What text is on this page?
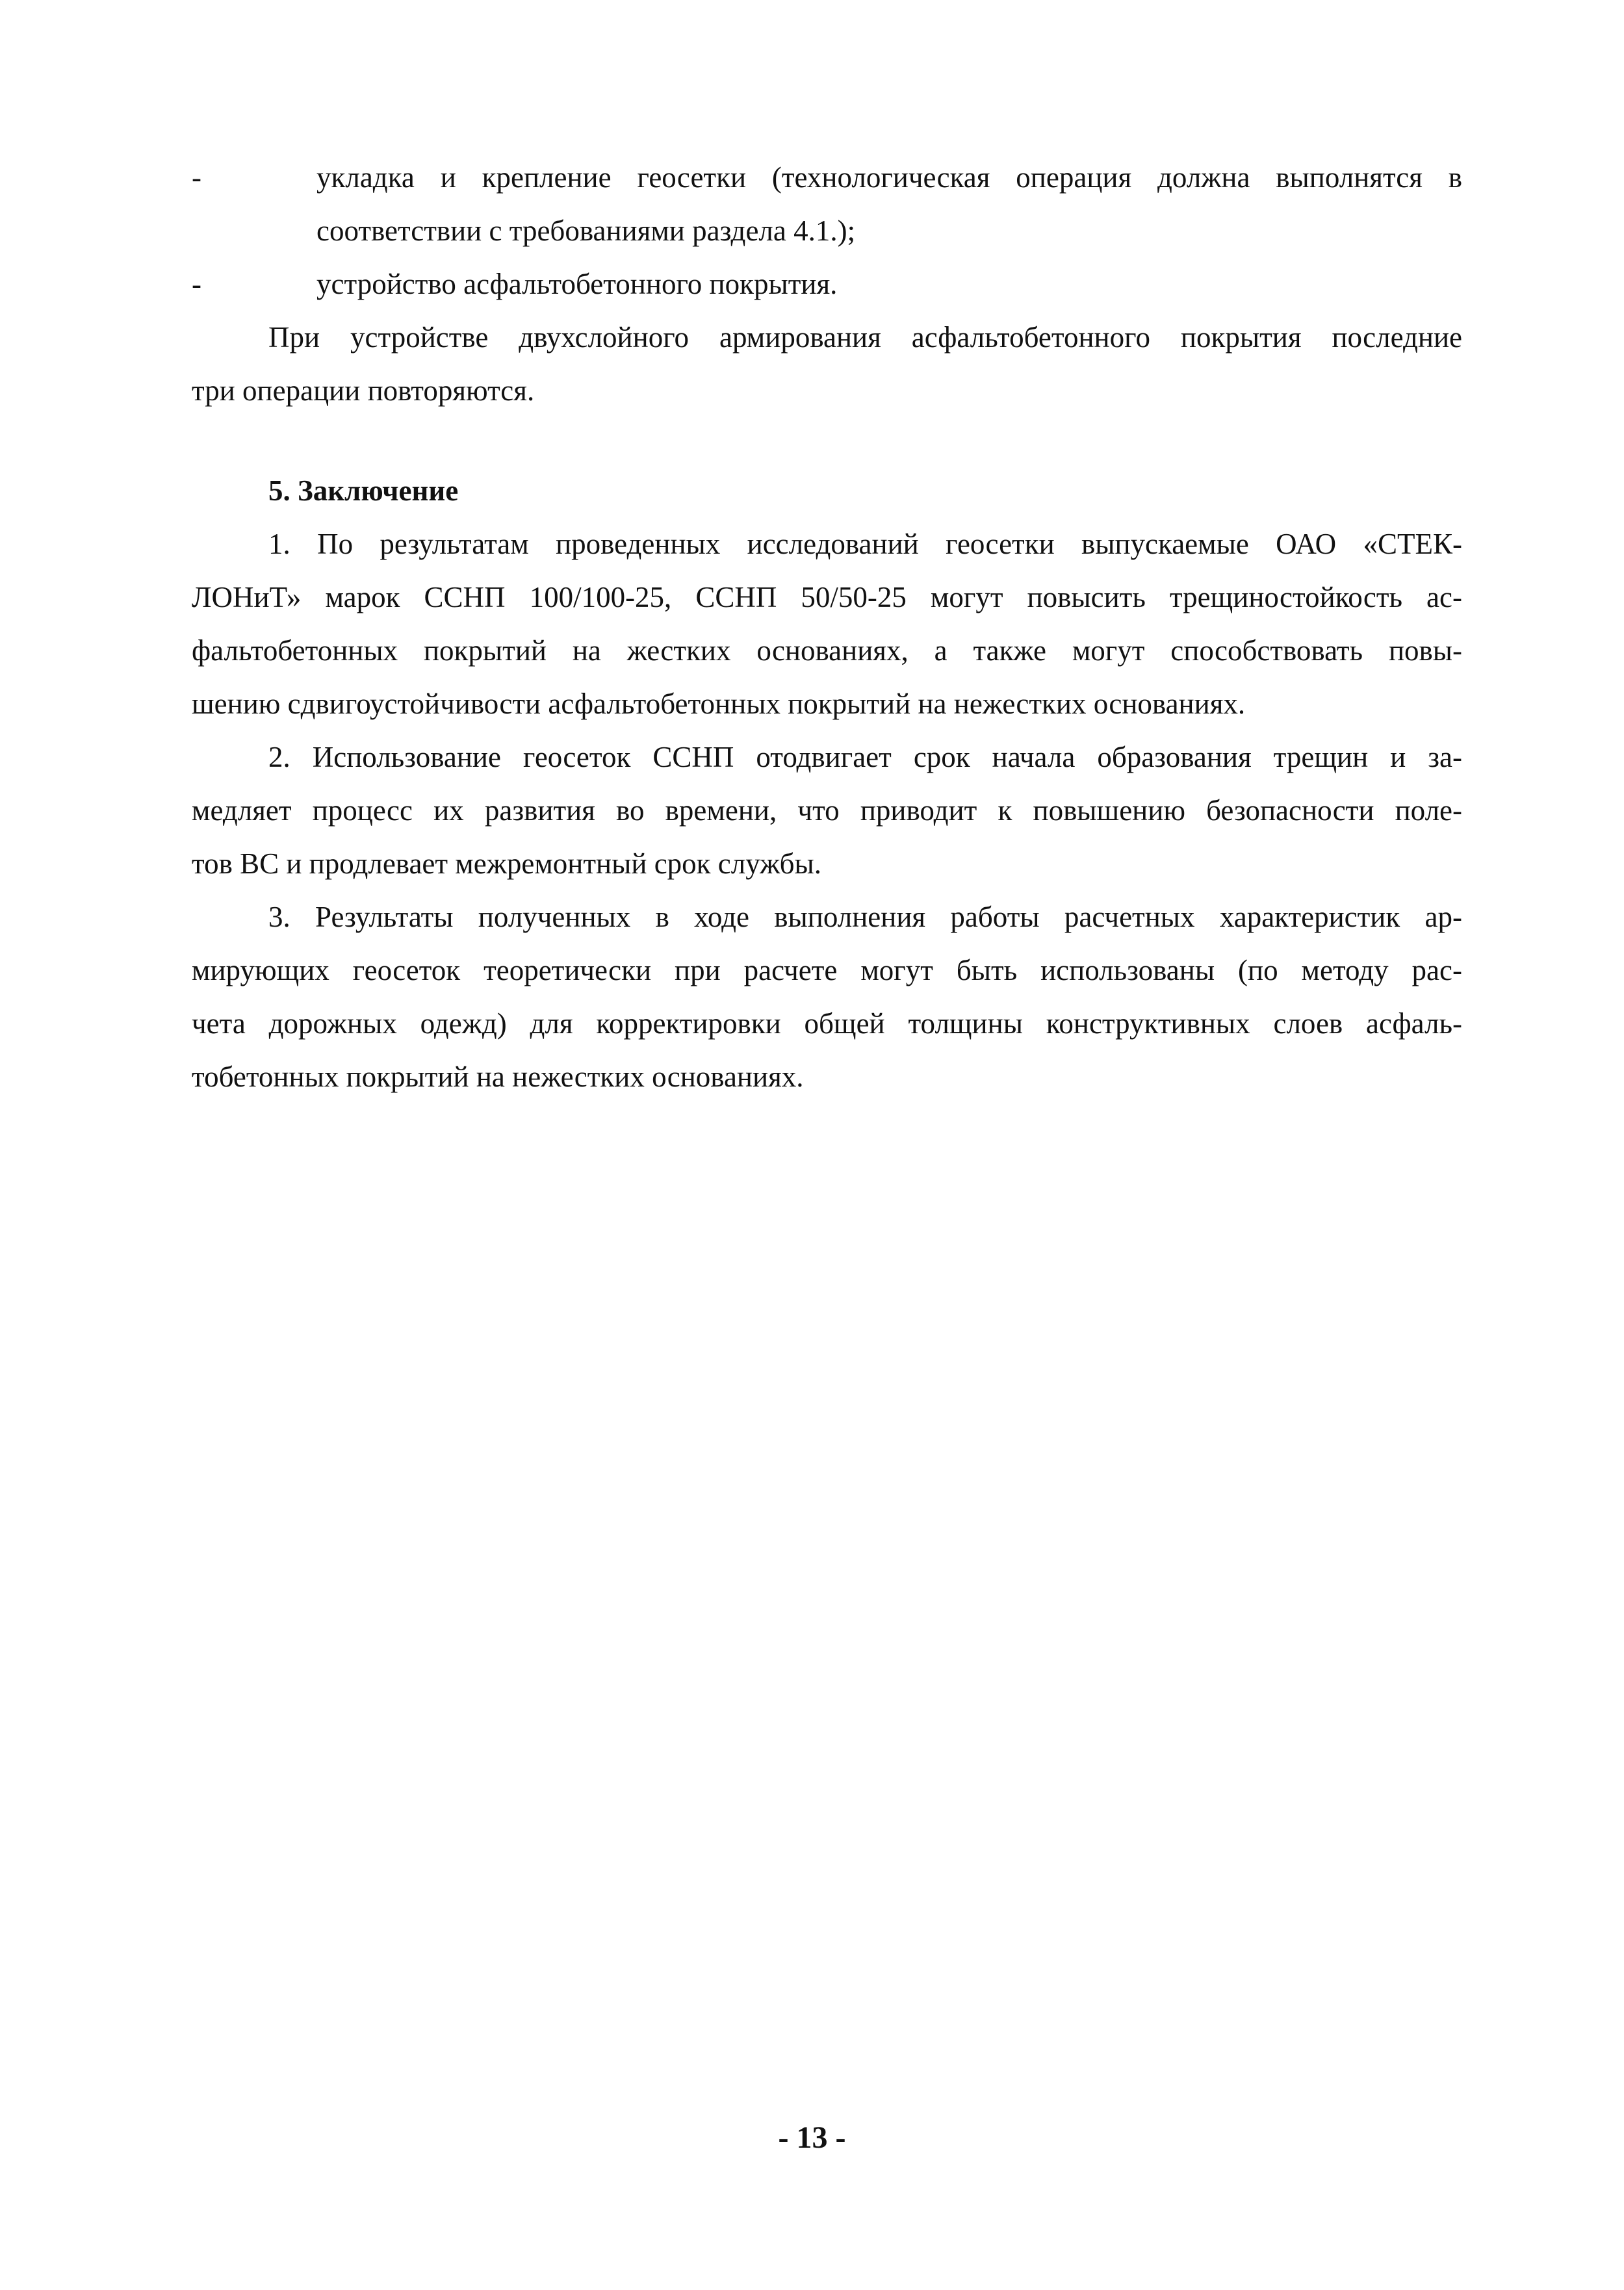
-	укладка и крепление геосетки (технологическая операция должна выполнятся в
соответствии с требованиями раздела 4.1.);
-	устройство асфальтобетонного покрытия.
При устройстве двухслойного армирования асфальтобетонного покрытия последние
три операции повторяются.
5. Заключение
1. По результатам проведенных исследований геосетки выпускаемые ОАО «СТЕК-
ЛОНиТ» марок ССНП 100/100-25, ССНП 50/50-25 могут повысить трещиностойкость ас-
фальтобетонных покрытий на жестких основаниях, а также могут способствовать повы-
шению сдвигоустойчивости асфальтобетонных покрытий на нежестких основаниях.
2. Использование геосеток ССНП отодвигает срок начала образования трещин и за-
медляет процесс их развития во времени, что приводит к повышению безопасности поле-
тов ВС и продлевает межремонтный срок службы.
3. Результаты полученных в ходе выполнения работы расчетных характеристик ар-
мирующих геосеток теоретически при расчете могут быть использованы (по методу рас-
чета дорожных одежд) для корректировки общей толщины конструктивных слоев асфаль-
тобетонных покрытий на нежестких основаниях.
- 13 -
